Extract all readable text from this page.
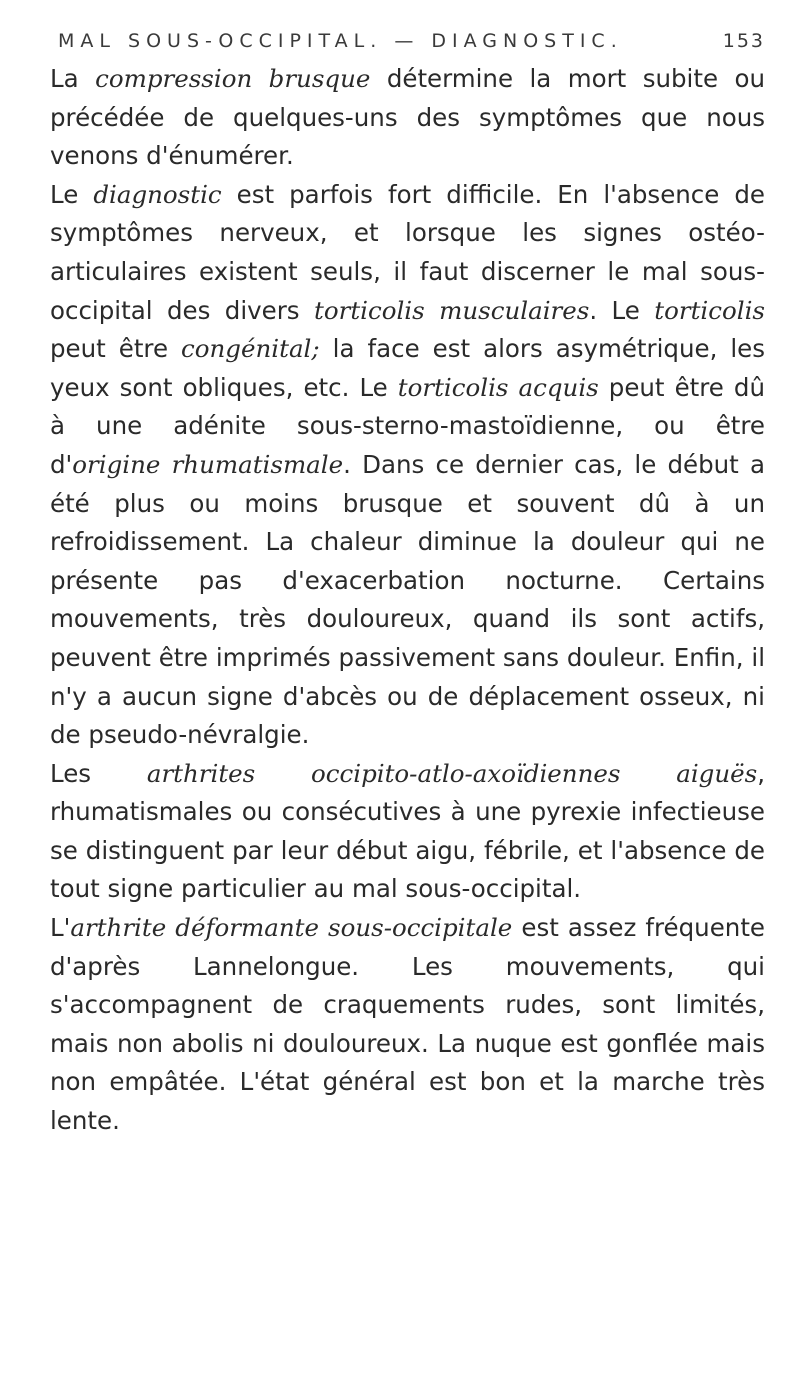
MAL SOUS-OCCIPITAL. — DIAGNOSTIC.	153

La compression brusque détermine la mort subite ou précédée de quelques-uns des symptômes que nous venons d'énumérer.

Le diagnostic est parfois fort difficile. En l'absence de symptômes nerveux, et lorsque les signes ostéo-articulaires existent seuls, il faut discerner le mal sous-occipital des divers torticolis musculaires. Le torticolis peut être congénital; la face est alors asymétrique, les yeux sont obliques, etc. Le torticolis acquis peut être dû à une adénite sous-sterno-mastoïdienne, ou être d'origine rhumatismale. Dans ce dernier cas, le début a été plus ou moins brusque et souvent dû à un refroidissement. La chaleur diminue la douleur qui ne présente pas d'exacerbation nocturne. Certains mouvements, très douloureux, quand ils sont actifs, peuvent être imprimés passivement sans douleur. Enfin, il n'y a aucun signe d'abcès ou de déplacement osseux, ni de pseudo-névralgie.

Les arthrites occipito-atlo-axoïdiennes aiguës, rhumatismales ou consécutives à une pyrexie infectieuse se distinguent par leur début aigu, fébrile, et l'absence de tout signe particulier au mal sous-occipital.

L'arthrite déformante sous-occipitale est assez fréquente d'après Lannelongue. Les mouvements, qui s'accompagnent de craquements rudes, sont limités, mais non abolis ni douloureux. La nuque est gonflée mais non empâtée. L'état général est bon et la marche très lente.
